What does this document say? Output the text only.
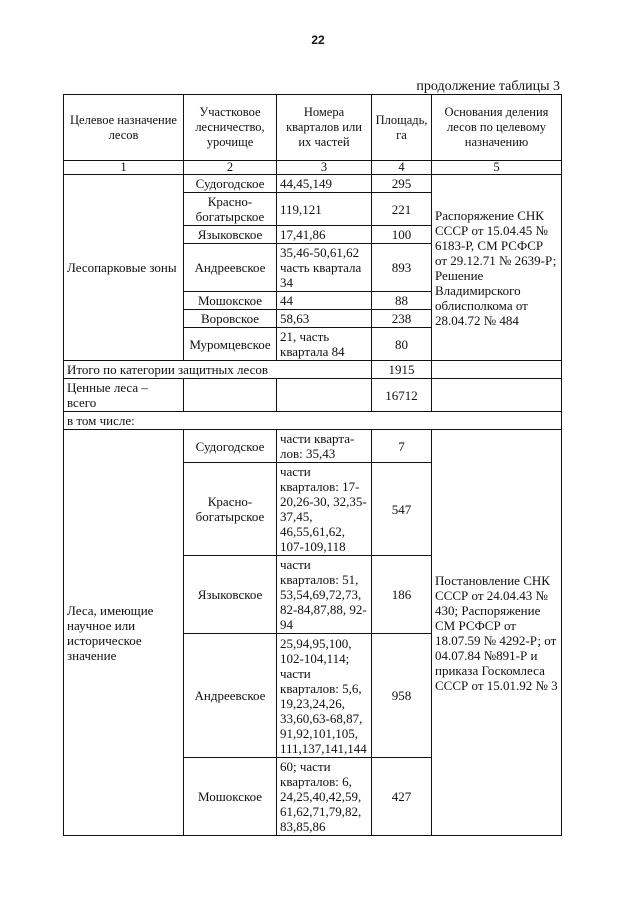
22
продолжение таблицы 3
Целевое назначение лесов	Участковое лесничество, урочище	Номера кварталов или их частей	Площадь, га	Основания деления лесов по целевому назначению
1	2	3	4	5
Лесопарковые зоны	Судогодское	44,45,149	295	Распоряжение СНК СССР от 15.04.45 № 6183-Р, СМ РСФСР от 29.12.71 № 2639-Р; Решение Владимирского облисполкома от 28.04.72 № 484
	Красно-богатырское	119,121	221	
	Языковское	17,41,86	100	
	Андреевское	35,46-50,61,62 часть квартала 34	893	
	Мошокское	44	88	
	Воровское	58,63	238	
	Муромцевское	21, часть квартала 84	80	
Итого по категории защитных лесов			1915	
Ценные леса – всего			16712	
в том числе:				
Леса, имеющие научное или историческое значение	Судогодское	части кварта-лов: 35,43	7	Постановление СНК СССР от 24.04.43 № 430; Распоряжение СМ РСФСР от 18.07.59 № 4292-Р; от 04.07.84 №891-Р и приказа Госкомлеса СССР от 15.01.92 № 3
	Красно-богатырское	части кварталов: 17-20,26-30, 32,35-37,45, 46,55,61,62, 107-109,118	547	
	Языковское	части кварталов: 51, 53,54,69,72,73, 82-84,87,88, 92-94	186	
	Андреевское	25,94,95,100, 102-104,114; части кварталов: 5,6, 19,23,24,26, 33,60,63-68,87, 91,92,101,105, 111,137,141,144	958	
	Мошокское	60; части кварталов: 6, 24,25,40,42,59, 61,62,71,79,82, 83,85,86	427	
